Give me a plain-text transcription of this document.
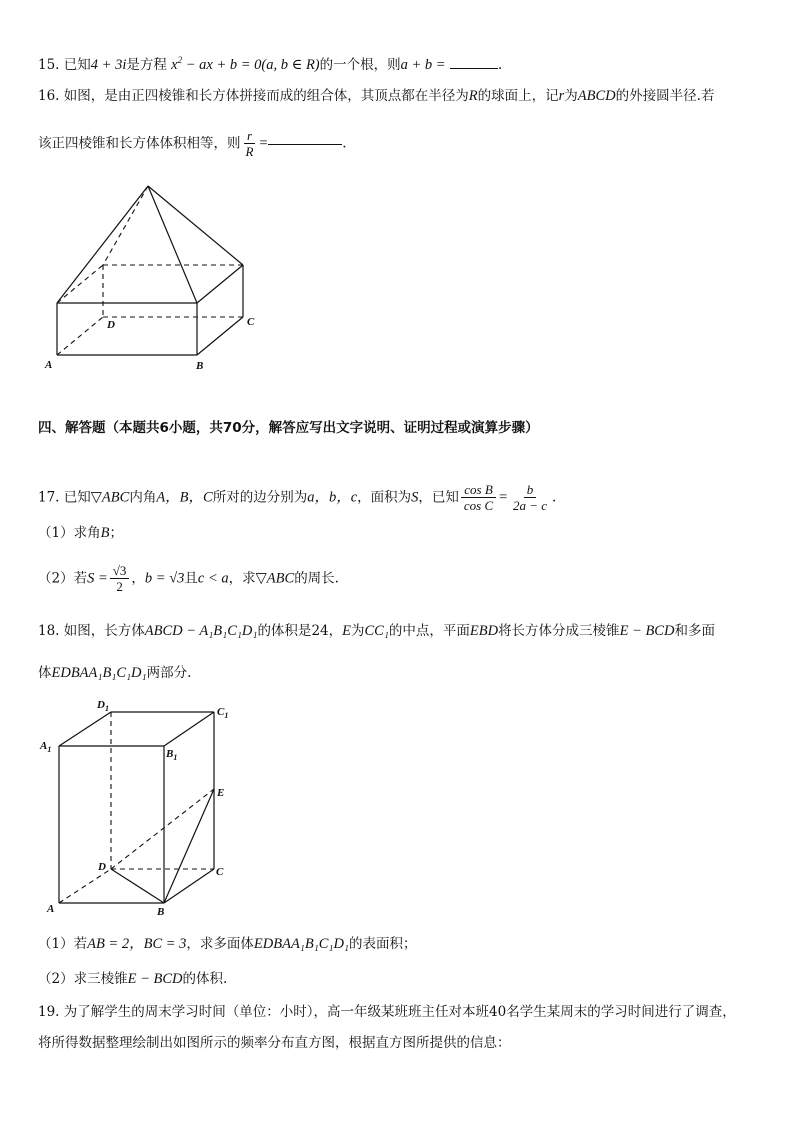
15. 已知4 + 3i是方程 $x^2$ − ax + b = 0(a, b ∈ R)的一个根，则a + b =	.
16. 如图，是由正四棱锥和长方体拼接而成的组合体，其顶点都在半径为R的球面上，记r为ABCD的外接圆半径.若
该正四棱锥和长方体体积相等，则 $\frac{r}{R}$ =	.
A	B
C
D
四、解答题（本题共6小题，共70分，解答应写出文字说明、证明过程或演算步骤）
17. 已知▽ABC内角A，B，C所对的边分别为a，b，c，面积为S，已知 $\frac{\text{cos B}}{\text{cos C}} = \frac{b}{2a - c}$ .
（1）求角B；
（2）若$S = \frac{√3}{2}$ ，b = √3且c < a，求▽ABC的周长.
18. 如图，长方体ABCD − A₁B₁C₁D₁的体积是24，E为CC₁的中点，平面EBD将长方体分成三棱锥E − BCD和多面
体EDBAA₁B₁C₁D₁两部分.
$D_1$	$C_1$
$A_1$	$B_1$
E
D	C
A	B
（1）若AB = 2，BC = 3，求多面体EDBAA₁B₁C₁D₁的表面积；
（2）求三棱锥E − BCD的体积.
19. 为了解学生的周末学习时间（单位：小时），高一年级某班班主任对本班40名学生某周末的学习时间进行了调查，
将所得数据整理绘制出如图所示的频率分布直方图，根据直方图所提供的信息：
